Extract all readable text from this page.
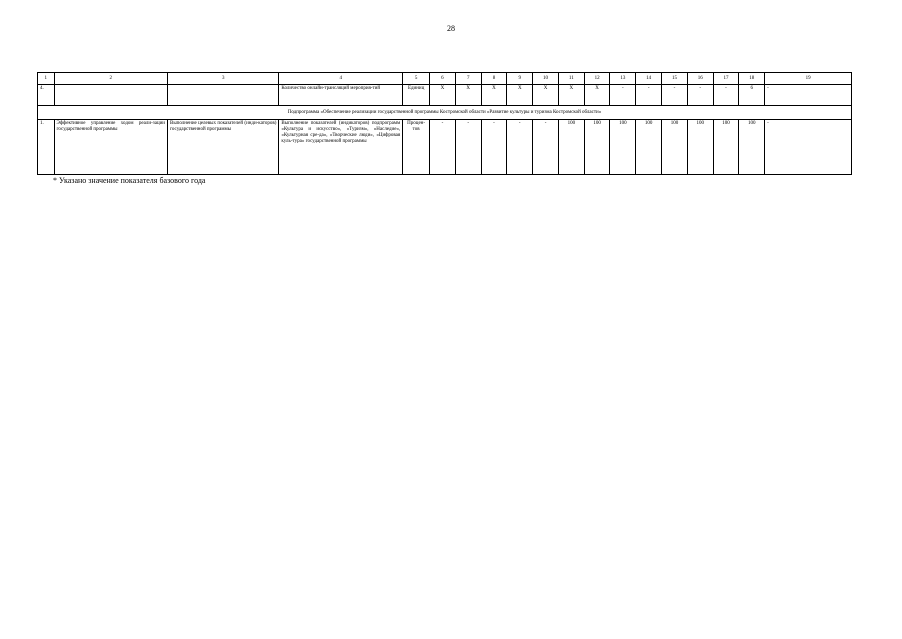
28
1	2	3	4	5	6	7	8	9	10	11	12	13	14	15	16	17	18	19
4.			Количество онлайн-трансляций мероприя-тий	Единиц	Х	Х	Х	Х	Х	Х	Х	-	-	-	-	-	6	-
Подпрограмма «Обеспечение реализации государственной программы Костромской области «Развитие культуры и туризма Костромской области»																		
1.	Эффективное управление ходом реали-зации государственной программы	Выполнение целевых показателей (инди-каторов) государственной программы	Выполнение показателей (индикаторов) подпрограмм «Культура и искусство», «Туризм», «Наследие», «Культурная сре-да», «Творческие люди», «Цифровая куль-тура» государственной программы	Процен-тов	-	-	-	-	-	100	100	100	100	100	100	100	100	-
* Указано значение показателя базового года
